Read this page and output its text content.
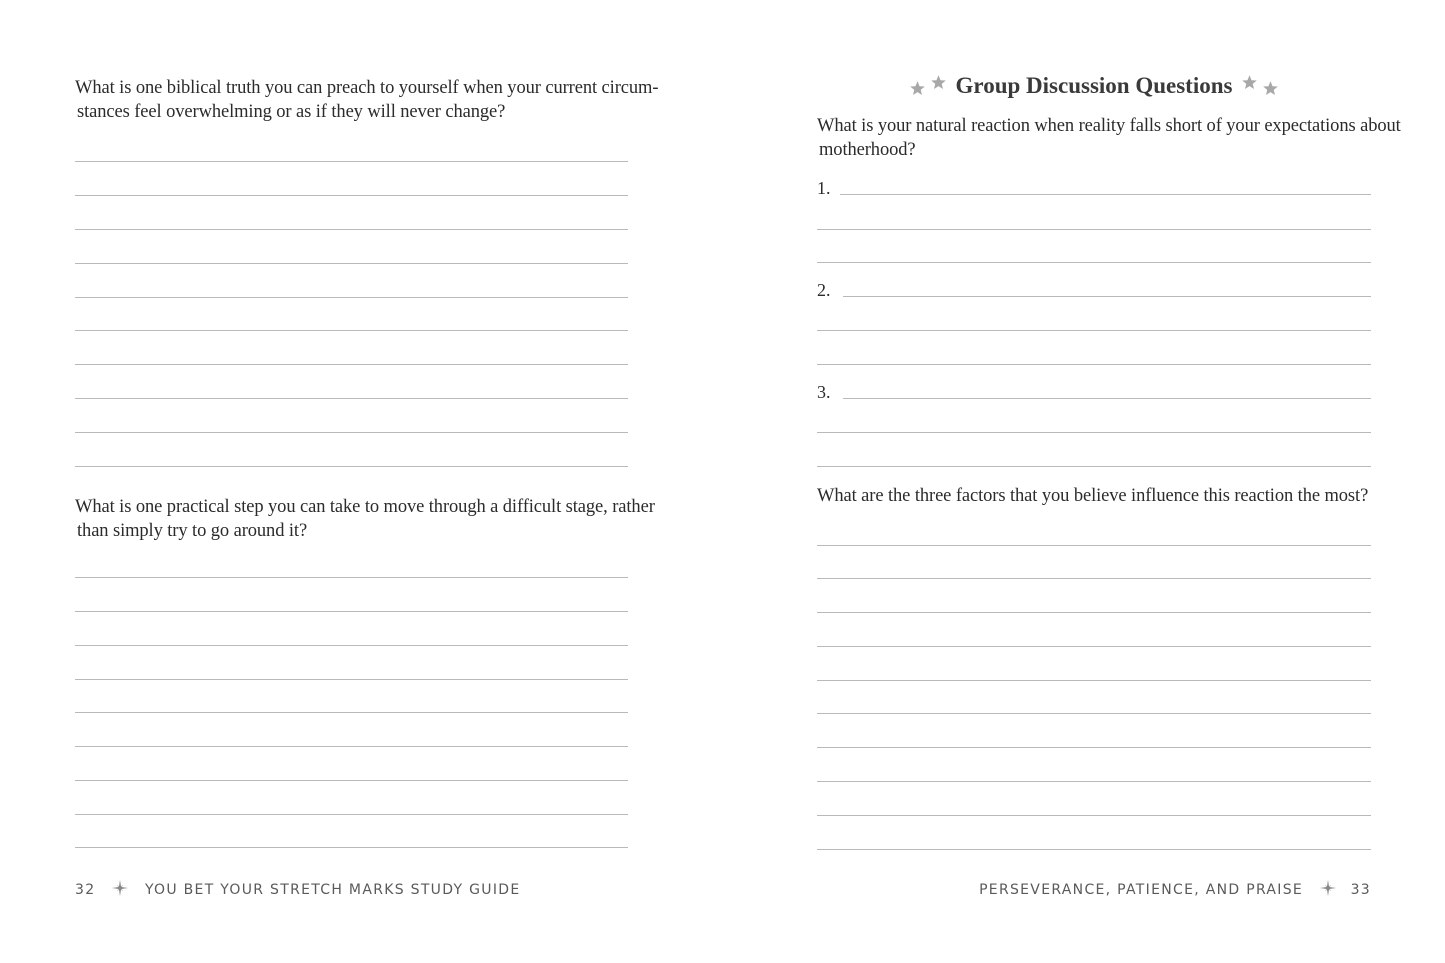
What is one biblical truth you can preach to yourself when your current circum-
stances feel overwhelming or as if they will never change?
What is one practical step you can take to move through a difficult stage, rather
than simply try to go around it?
32	YOU BET YOUR STRETCH MARKS STUDY GUIDE
Group Discussion Questions
What is your natural reaction when reality falls short of your expectations about
motherhood?
1.
2.
3.
What are the three factors that you believe influence this reaction the most?
PERSEVERANCE, PATIENCE, AND PRAISE	33
